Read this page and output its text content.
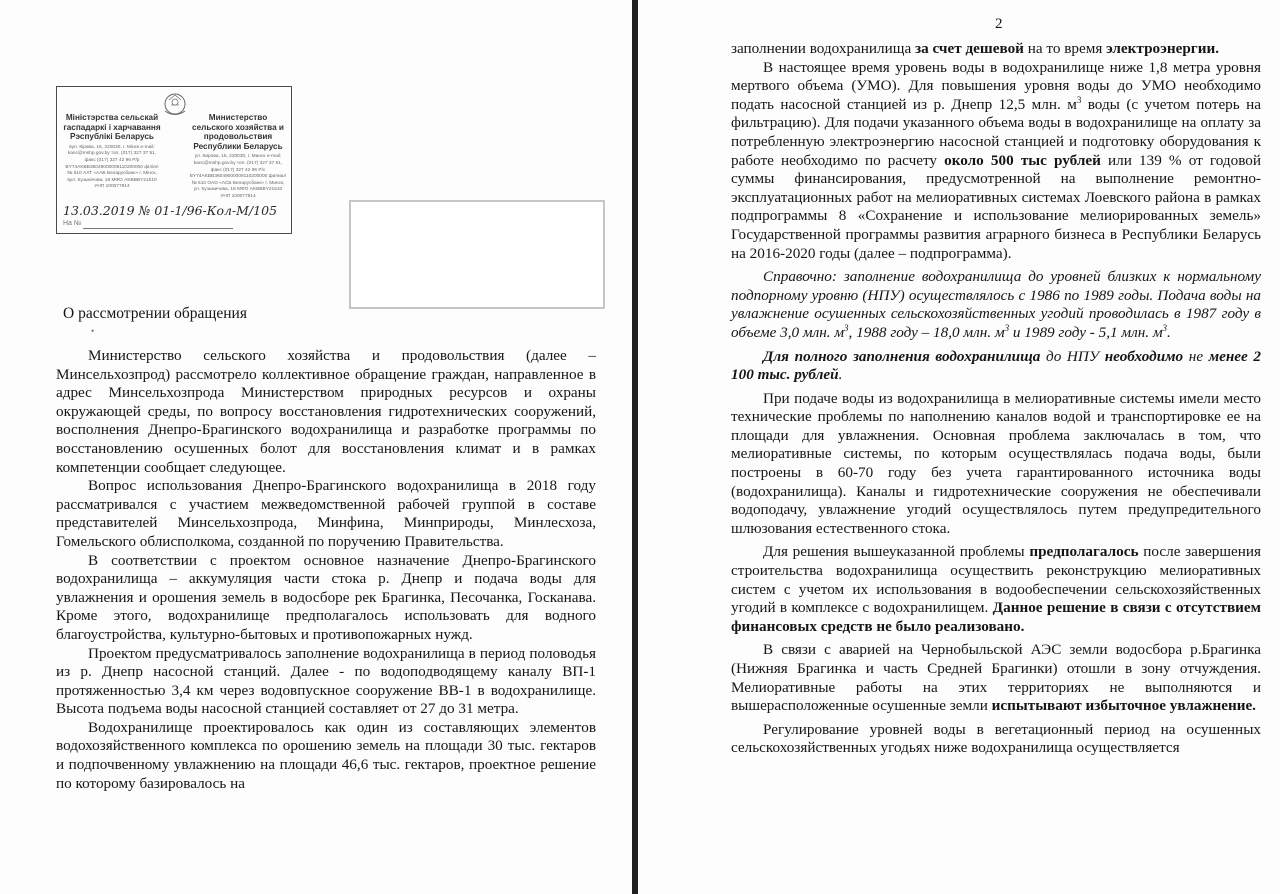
Міністэрства сельскай гаспадаркі і харчавання Рэспублікі Беларусь
вул. Кірава, 15, 220030, г. Мінск e-mail: kanc@mshp.gov.by тэл. (017) 327 37 51, факс (017) 327 42 96 Р/р BY74AKBB36049000009110200000 філіял № 510 ААТ «ААБ Беларусбанк» г. Мінск, вул. Кузьмiчова, 18 МФО AKBBBY21510 УНП 100077914
Министерство сельского хозяйства и продовольствия Республики Беларусь
ул. Кирова, 15, 220030, г. Минск e-mail: kanc@mshp.gov.by тел. (017) 327 37 51, факс (017) 327 42 96 Р/с BY74AKBB36049000009110200000 филиал № 510 ОАО «АСБ Беларусбанк» г. Минск, ул. Кузьмичова, 18 МФО AKBBBY21510 УНП 100077914
13.03.2019 № 01-1/96-Кол-М/105
На №
О рассмотрении обращения
•

Министерство сельского хозяйства и продовольствия (далее – Минсельхозпрод) рассмотрело коллективное обращение граждан, направленное в адрес Минсельхозпрода Министерством природных ресурсов и охраны окружающей среды, по вопросу восстановления гидротехнических сооружений, восполнения Днепро-Брагинского водохранилища и разработке программы по восстановлению осушенных болот для восстановления климат и в рамках компетенции сообщает следующее.

Вопрос использования Днепро-Брагинского водохранилища в 2018 году рассматривался с участием межведомственной рабочей группой в составе представителей Минсельхозпрода, Минфина, Минприроды, Минлесхоза, Гомельского облисполкома, созданной по поручению Правительства.

В соответствии с проектом основное назначение Днепро-Брагинского водохранилища – аккумуляция части стока р. Днепр и подача воды для увлажнения и орошения земель в водосборе рек Брагинка, Песочанка, Госканава. Кроме этого, водохранилище предполагалось использовать для водного благоустройства, культурно-бытовых и противопожарных нужд.

Проектом предусматривалось заполнение водохранилища в период половодья из р. Днепр насосной станций. Далее - по водоподводящему каналу ВП-1 протяженностью 3,4 км через водовпускное сооружение ВВ-1 в водохранилище. Высота подъема воды насосной станцией составляет от 27 до 31 метра.

Водохранилище проектировалось как один из составляющих элементов водохозяйственного комплекса по орошению земель на площади 30 тыс. гектаров и подпочвенному увлажнению на площади 46,6 тыс. гектаров, проектное решение по которому базировалось на

2

заполнении водохранилища за счет дешевой на то время электроэнергии.

В настоящее время уровень воды в водохранилище ниже 1,8 метра уровня мертвого объема (УМО). Для повышения уровня воды до УМО необходимо подать насосной станцией из р. Днепр 12,5 млн. $м^3$ воды (с учетом потерь на фильтрацию). Для подачи указанного объема воды в водохранилище на оплату за потребленную электроэнергию насосной станцией и подготовку оборудования к работе необходимо по расчету около 500 тыс рублей или 139 % от годовой суммы финансирования, предусмотренной на выполнение ремонтно-эксплуатационных работ на мелиоративных системах Лоевского района в рамках подпрограммы 8 «Сохранение и использование мелиорированных земель» Государственной программы развития аграрного бизнеса в Республики Беларусь на 2016-2020 годы (далее – подпрограмма).

Справочно: заполнение водохранилища до уровней близких к нормальному подпорному уровню (НПУ) осуществлялось с 1986 по 1989 годы. Подача воды на увлажнение осушенных сельскохозяйственных угодий проводилась в 1987 году в объеме 3,0 млн. $м^3$, 1988 году – 18,0 млн. $м^3$ и 1989 году - 5,1 млн. $м^3$.

Для полного заполнения водохранилища до НПУ необходимо не менее 2 100 тыс. рублей.

При подаче воды из водохранилища в мелиоративные системы имели место технические проблемы по наполнению каналов водой и транспортировке ее на площади для увлажнения. Основная проблема заключалась в том, что мелиоративные системы, по которым осуществлялась подача воды, были построены в 60-70 году без учета гарантированного источника воды (водохранилища). Каналы и гидротехнические сооружения не обеспечивали водоподачу, увлажнение угодий осуществлялось путем предупредительного шлюзования естественного стока.

Для решения вышеуказанной проблемы предполагалось после завершения строительства водохранилища осуществить реконструкцию мелиоративных систем с учетом их использования в водообеспечении сельскохозяйственных угодий в комплексе с водохранилищем. Данное решение в связи с отсутствием финансовых средств не было реализовано.

В связи с аварией на Чернобыльской АЭС земли водосбора р.Брагинка (Нижняя Брагинка и часть Средней Брагинки) отошли в зону отчуждения. Мелиоративные работы на этих территориях не выполняются и вышерасположенные осушенные земли испытывают избыточное увлажнение.

Регулирование уровней воды в вегетационный период на осушенных сельскохозяйственных угодьях ниже водохранилища осуществляется
